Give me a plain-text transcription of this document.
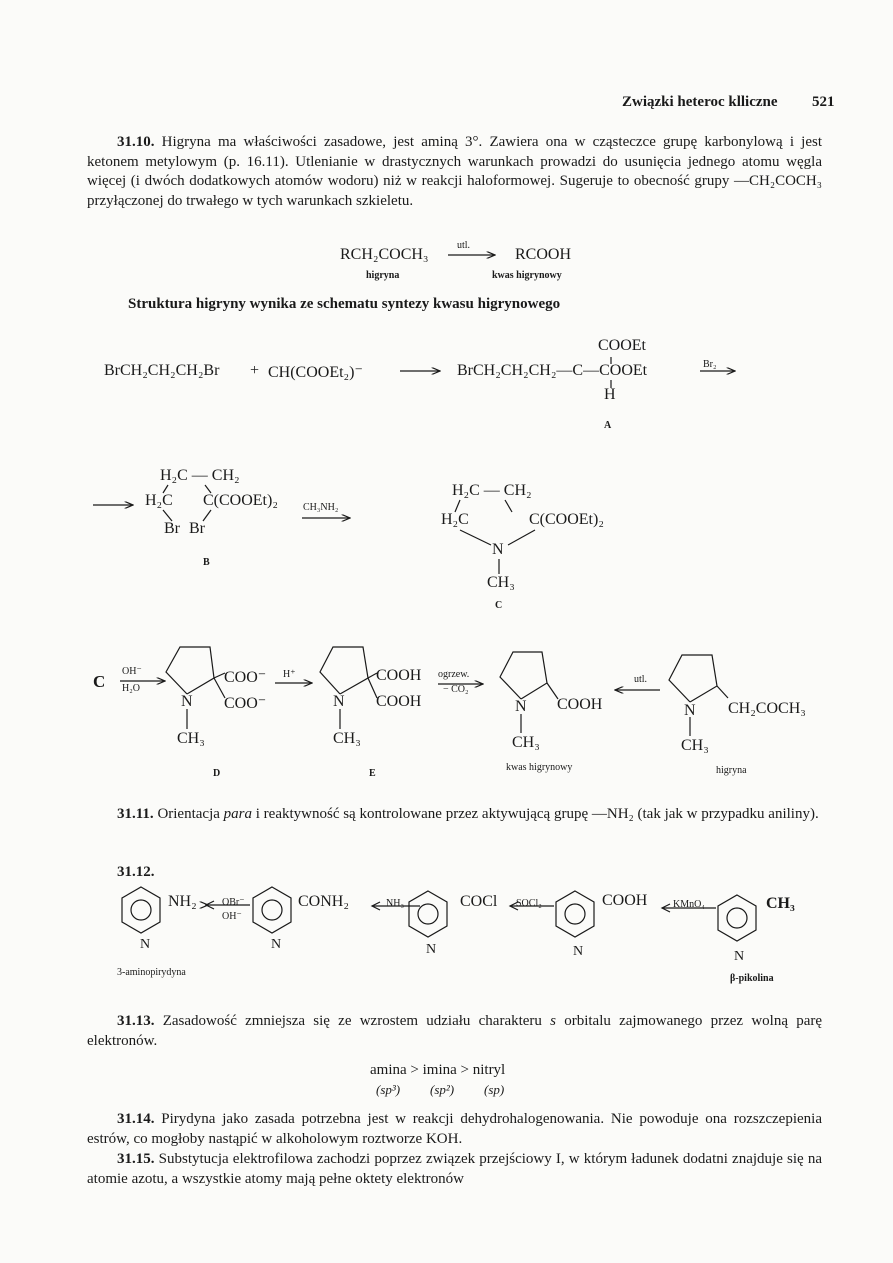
Związki heteroc klliczne 521
31.10. Higryna ma właściwości zasadowe, jest aminą 3°. Zawiera ona w cząsteczce grupę karbonylową i jest ketonem metylowym (p. 16.11). Utlenianie w drastycznych warunkach prowadzi do usunięcia jednego atomu węgla więcej (i dwóch dodatkowych atomów wodoru) niż w reakcji haloformowej. Sugeruje to obecność grupy —CH₂COCH₃ przyłączonej do trwałego w tych warunkach szkieletu.
RCH₂COCH₃
utl.
RCOOH
higryna	kwas higrynowy
Struktura higryny wynika ze schematu syntezy kwasu higrynowego
BrCH₂CH₂CH₂Br + CH(COOEt₂)⁻	BrCH₂CH₂CH₂—C—COOEt
COOEt
H
A
Br₂
H₂C — CH₂
H₂C C(COOEt)₂
Br Br
B
CH₃NH₂
H₂C — CH₂
H₂C	C(COOEt)₂
N
CH₃
C
C
OH⁻
H₂O
COO⁻
COO⁻
N
CH₃
D
H⁺	COOH
COOH
N
CH₃
E
ogrzew.
− CO₂
COOH
N
CH₃
kwas higrynowy
utl.
CH₂COCH₃
N
CH₃
higryna
31.11. Orientacja para i reaktywność są kontrolowane przez aktywującą grupę —NH₂ (tak jak w przypadku aniliny).
31.12.
NH₂
N
3-aminopirydyna
OBr⁻
OH⁻
CONH₂
N
NH₃	COCl
N
SOCl₂	COOH
N
KMnO₄	CH₃
N
β-pikolina
31.13. Zasadowość zmniejsza się ze wzrostem udziału charakteru s orbitalu zajmowanego przez wolną parę elektronów.
amina > imina > nitryl
(sp³) (sp²) (sp)
31.14. Pirydyna jako zasada potrzebna jest w reakcji dehydrohalogenowania. Nie powoduje ona rozszczepienia estrów, co mogłoby nastąpić w alkoholowym roztworze KOH.
31.15. Substytucja elektrofilowa zachodzi poprzez związek przejściowy I, w którym ładunek dodatni znajduje się na atomie azotu, a wszystkie atomy mają pełne oktety elektronów
